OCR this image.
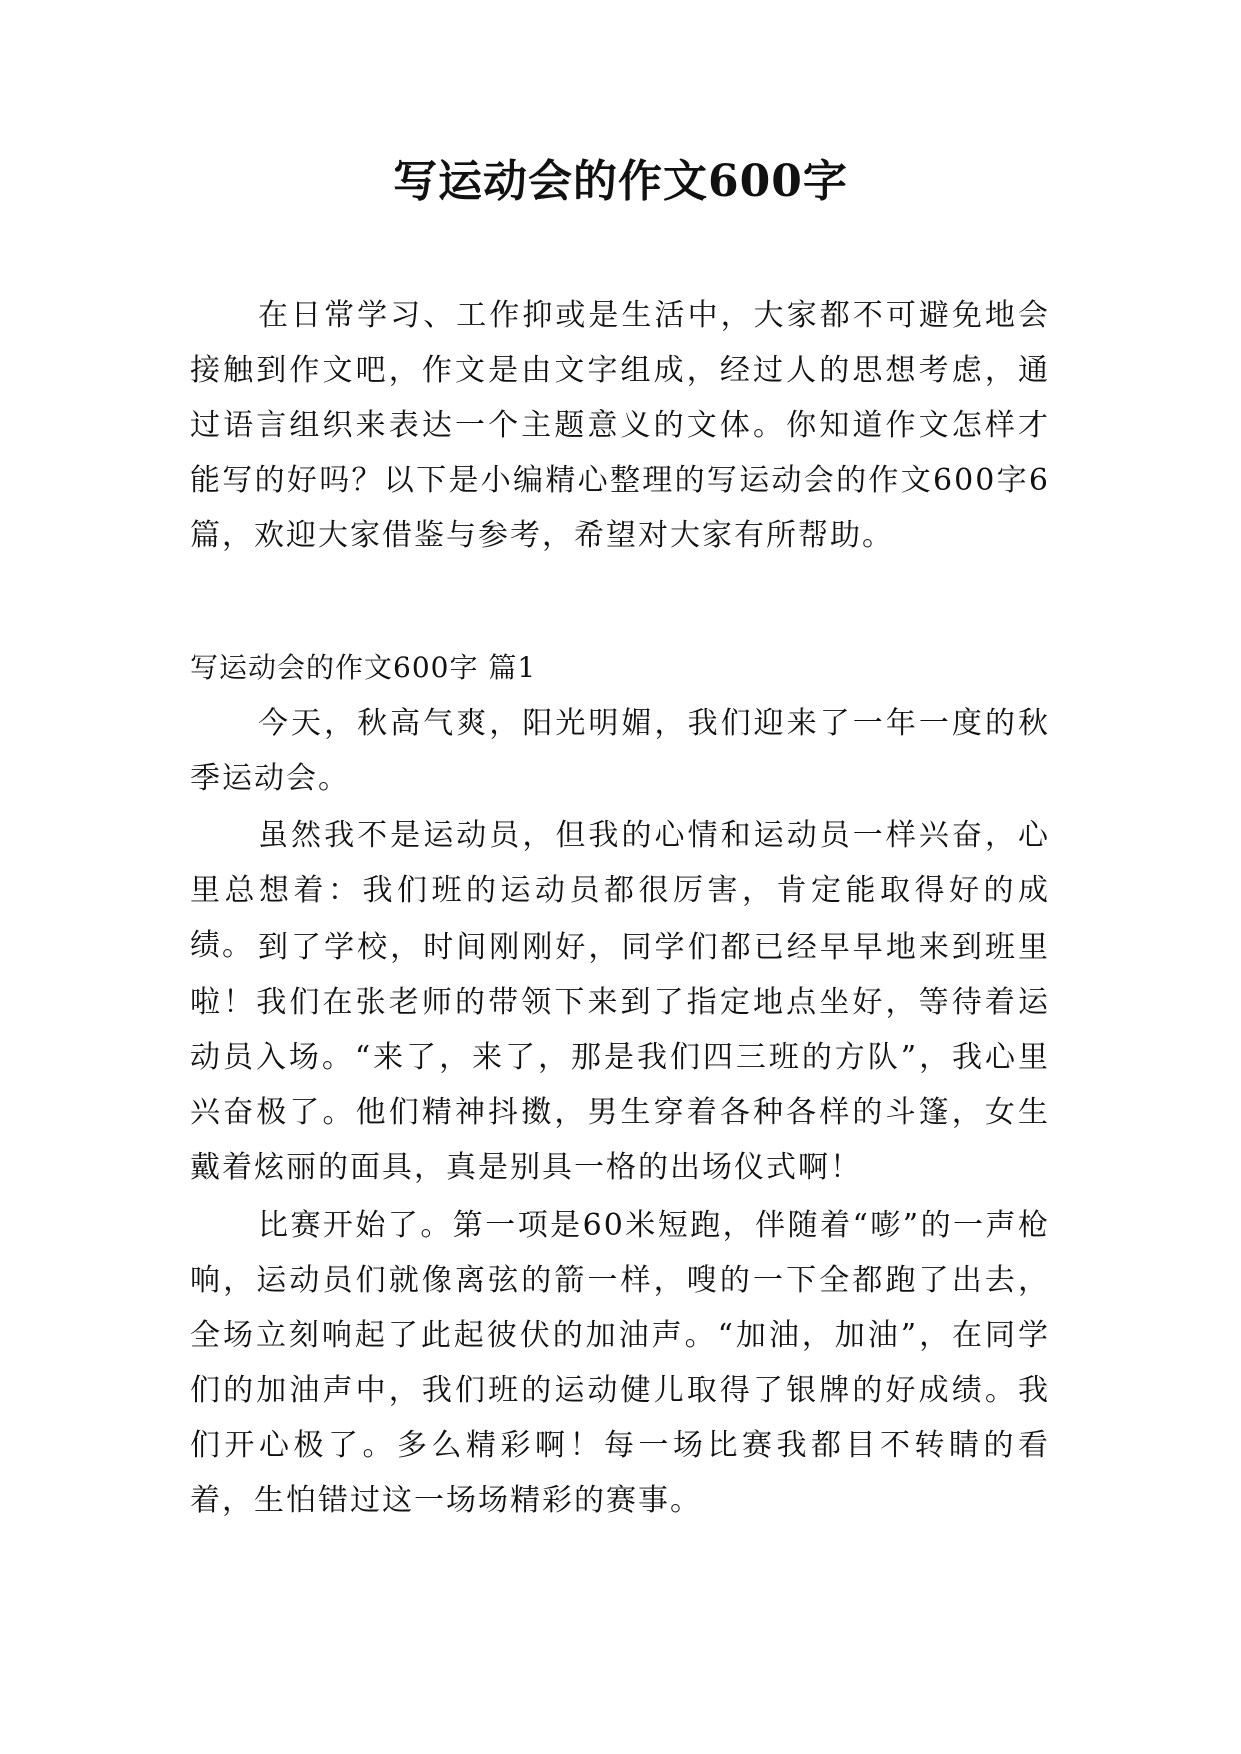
写运动会的作文600字

在日常学习、工作抑或是生活中，大家都不可避免地会接触到作文吧，作文是由文字组成，经过人的思想考虑，通过语言组织来表达一个主题意义的文体。你知道作文怎样才能写的好吗？以下是小编精心整理的写运动会的作文600字6篇，欢迎大家借鉴与参考，希望对大家有所帮助。

写运动会的作文600字 篇1

今天，秋高气爽，阳光明媚，我们迎来了一年一度的秋季运动会。

虽然我不是运动员，但我的心情和运动员一样兴奋，心里总想着：我们班的运动员都很厉害，肯定能取得好的成绩。 到了学校，时间刚刚好，同学们都已经早早地来到班里啦！我们在张老师的带领下来到了指定地点坐好，等待着运动员入场。“来了，来了，那是我们四三班的方队”，我心里兴奋极了。他们精神抖擞，男生穿着各种各样的斗篷，女生戴着炫丽的面具，真是别具一格的出场仪式啊！

比赛开始了。第一项是60米短跑，伴随着“嘭”的一声枪响，运动员们就像离弦的箭一样，嗖的一下全都跑了出去，全场立刻响起了此起彼伏的加油声。“加油，加油”，在同学们的加油声中，我们班的运动健儿取得了银牌的好成绩。我们开心极了。多么精彩啊！每一场比赛我都目不转睛的看着，生怕错过这一场场精彩的赛事。
